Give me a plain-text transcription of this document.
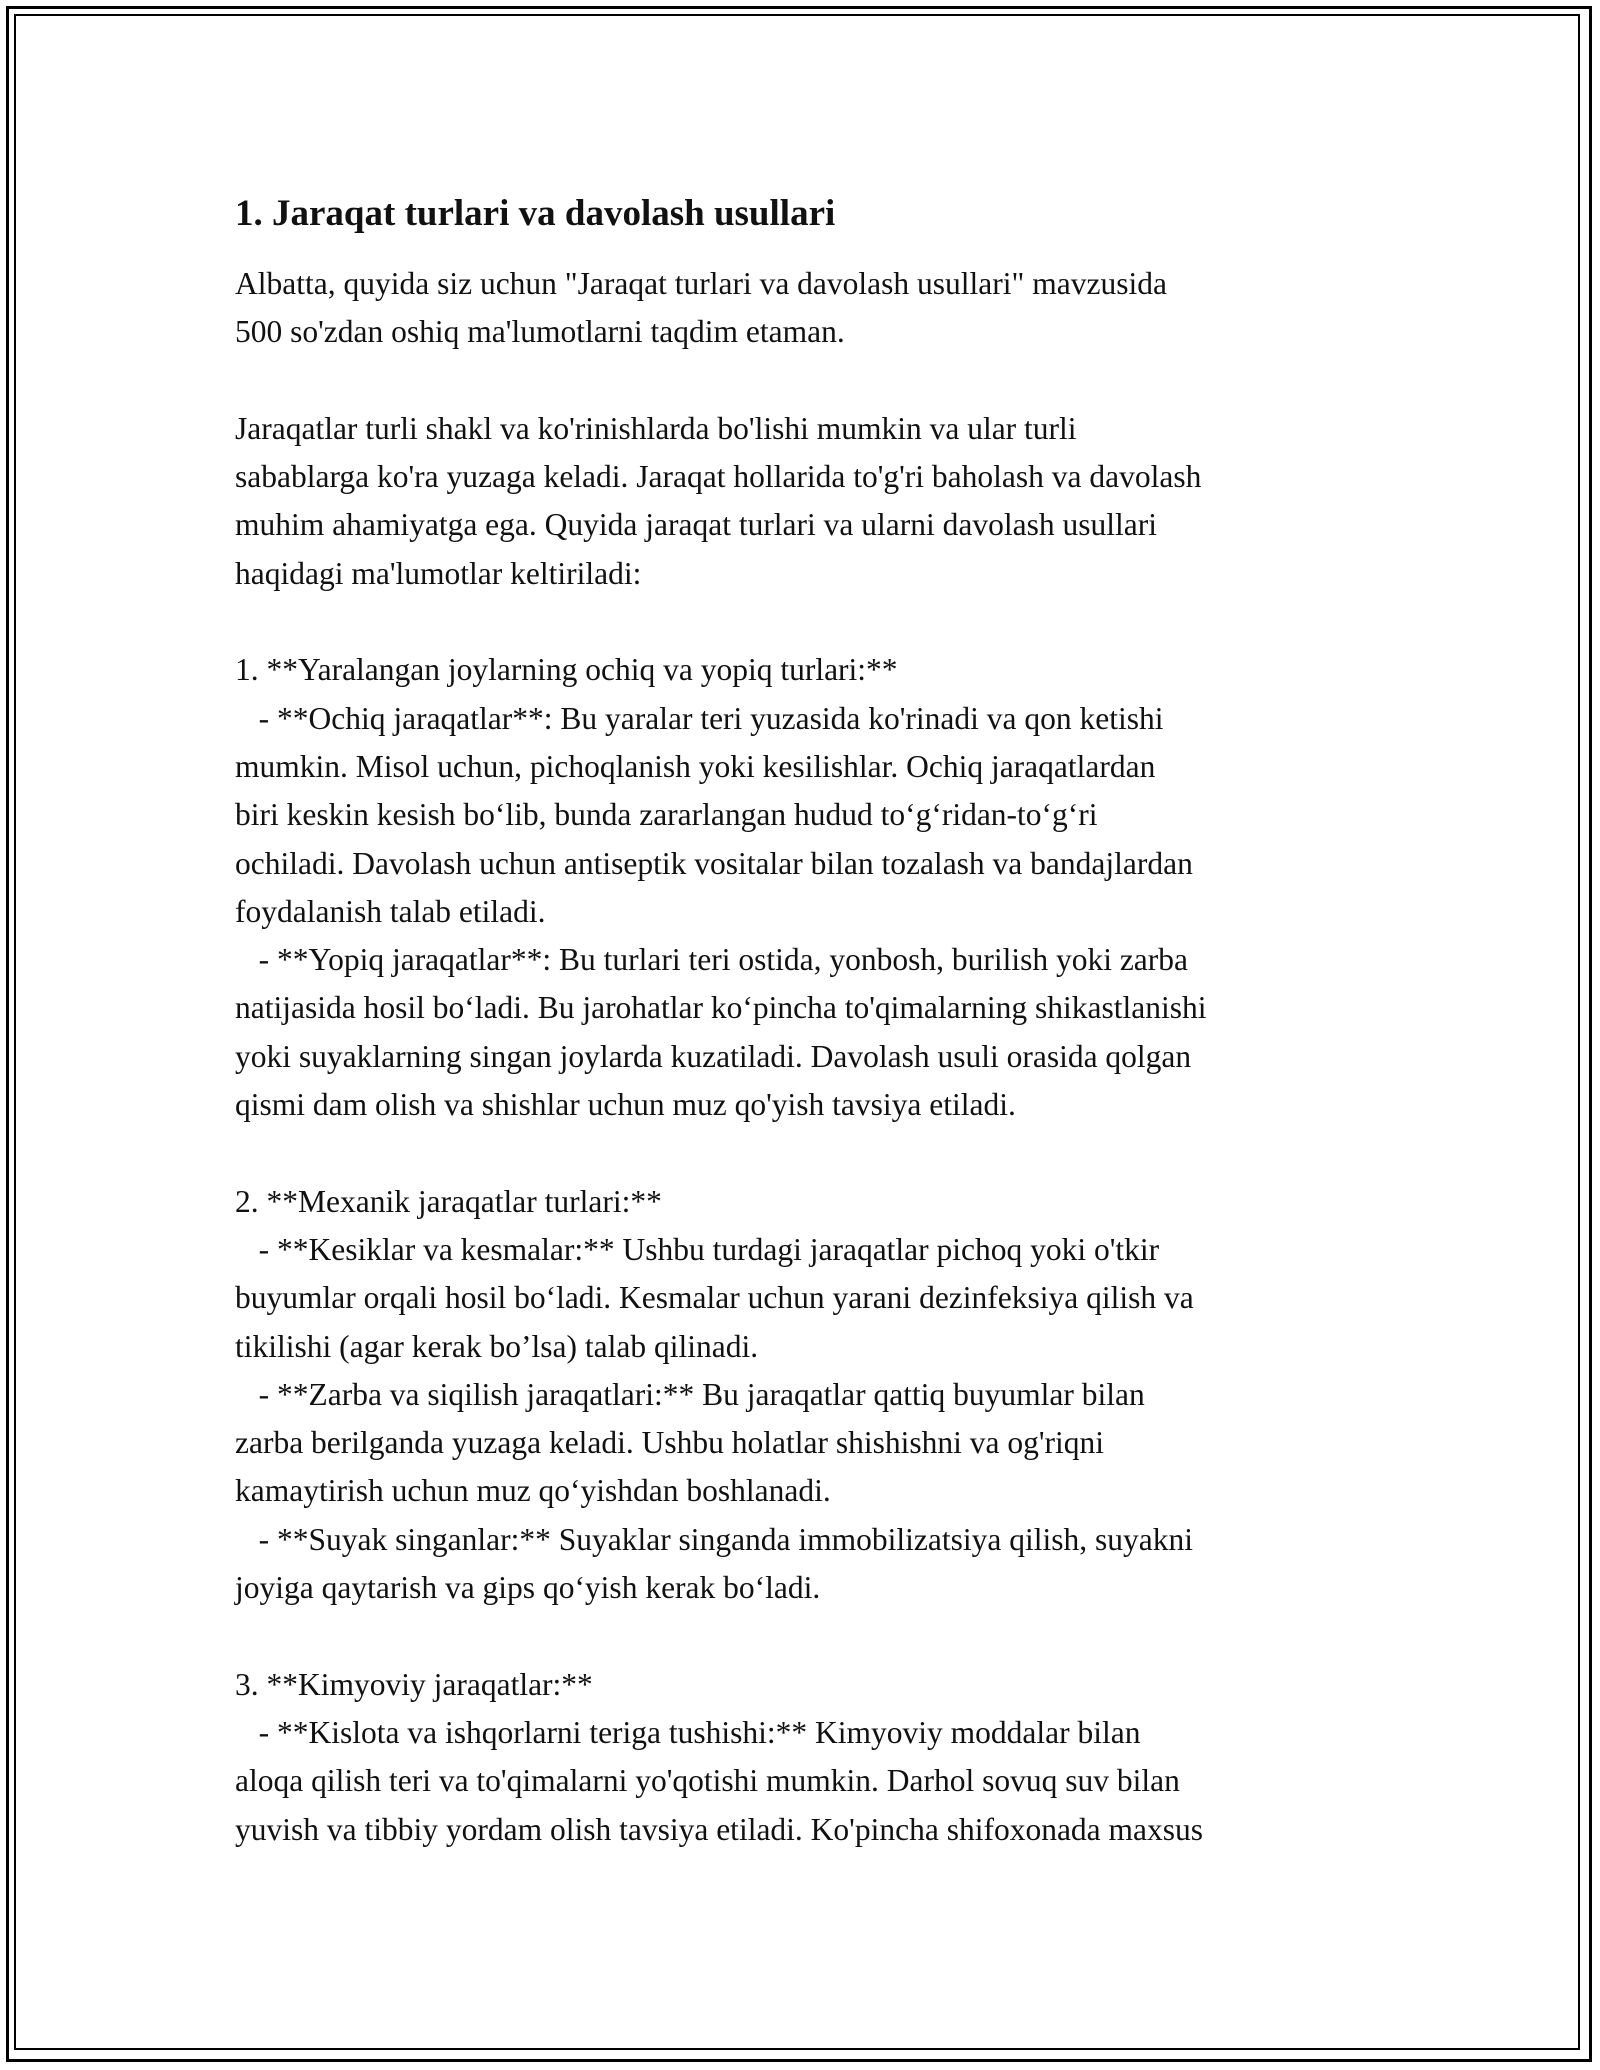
1. Jaraqat turlari va davolash usullari
Albatta, quyida siz uchun "Jaraqat turlari va davolash usullari" mavzusida
500 so'zdan oshiq ma'lumotlarni taqdim etaman.
Jaraqatlar turli shakl va ko'rinishlarda bo'lishi mumkin va ular turli
sabablarga ko'ra yuzaga keladi. Jaraqat hollarida to'g'ri baholash va davolash
muhim ahamiyatga ega. Quyida jaraqat turlari va ularni davolash usullari
haqidagi ma'lumotlar keltiriladi:
1. **Yaralangan joylarning ochiq va yopiq turlari:**
- **Ochiq jaraqatlar**: Bu yaralar teri yuzasida ko'rinadi va qon ketishi
mumkin. Misol uchun, pichoqlanish yoki kesilishlar. Ochiq jaraqatlardan
biri keskin kesish bo‘lib, bunda zararlangan hudud to‘g‘ridan-to‘g‘ri
ochiladi. Davolash uchun antiseptik vositalar bilan tozalash va bandajlardan
foydalanish talab etiladi.
- **Yopiq jaraqatlar**: Bu turlari teri ostida, yonbosh, burilish yoki zarba
natijasida hosil bo‘ladi. Bu jarohatlar ko‘pincha to'qimalarning shikastlanishi
yoki suyaklarning singan joylarda kuzatiladi. Davolash usuli orasida qolgan
qismi dam olish va shishlar uchun muz qo'yish tavsiya etiladi.
2. **Mexanik jaraqatlar turlari:**
- **Kesiklar va kesmalar:** Ushbu turdagi jaraqatlar pichoq yoki o'tkir
buyumlar orqali hosil bo‘ladi. Kesmalar uchun yarani dezinfeksiya qilish va
tikilishi (agar kerak bo’lsa) talab qilinadi.
- **Zarba va siqilish jaraqatlari:** Bu jaraqatlar qattiq buyumlar bilan
zarba berilganda yuzaga keladi. Ushbu holatlar shishishni va og'riqni
kamaytirish uchun muz qo‘yishdan boshlanadi.
- **Suyak singanlar:** Suyaklar singanda immobilizatsiya qilish, suyakni
joyiga qaytarish va gips qo‘yish kerak bo‘ladi.
3. **Kimyoviy jaraqatlar:**
- **Kislota va ishqorlarni teriga tushishi:** Kimyoviy moddalar bilan
aloqa qilish teri va to'qimalarni yo'qotishi mumkin. Darhol sovuq suv bilan
yuvish va tibbiy yordam olish tavsiya etiladi. Ko'pincha shifoxonada maxsus
